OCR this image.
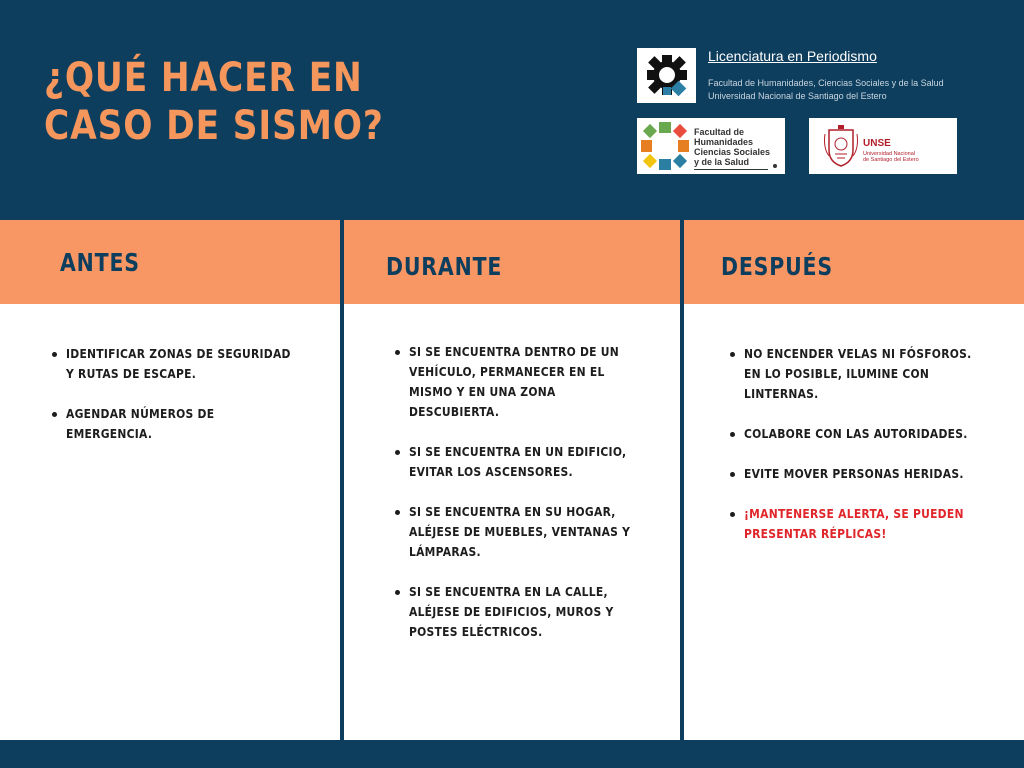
¿QUÉ HACER EN
CASO DE SISMO?
Licenciatura en Periodismo
Facultad de Humanidades, Ciencias Sociales y de la Salud
Universidad Nacional de Santiago del Estero
Facultad de
Humanidades
Ciencias Sociales
y de la Salud
UNSE
Universidad Nacional
de Santiago del Estero
ANTES
IDENTIFICAR ZONAS DE SEGURIDAD Y RUTAS DE ESCAPE.
AGENDAR NÚMEROS DE EMERGENCIA.
DURANTE
SI SE ENCUENTRA DENTRO DE UN VEHÍCULO, PERMANECER EN EL MISMO Y EN UNA ZONA DESCUBIERTA.
SI SE ENCUENTRA EN UN EDIFICIO, EVITAR LOS ASCENSORES.
SI SE ENCUENTRA EN SU HOGAR, ALÉJESE DE MUEBLES, VENTANAS Y LÁMPARAS.
SI SE ENCUENTRA EN LA CALLE, ALÉJESE DE EDIFICIOS, MUROS Y POSTES ELÉCTRICOS.
DESPUÉS
NO ENCENDER VELAS NI FÓSFOROS. EN LO POSIBLE, ILUMINE CON LINTERNAS.
COLABORE CON LAS AUTORIDADES.
EVITE MOVER PERSONAS HERIDAS.
¡MANTENERSE ALERTA, SE PUEDEN PRESENTAR RÉPLICAS!
